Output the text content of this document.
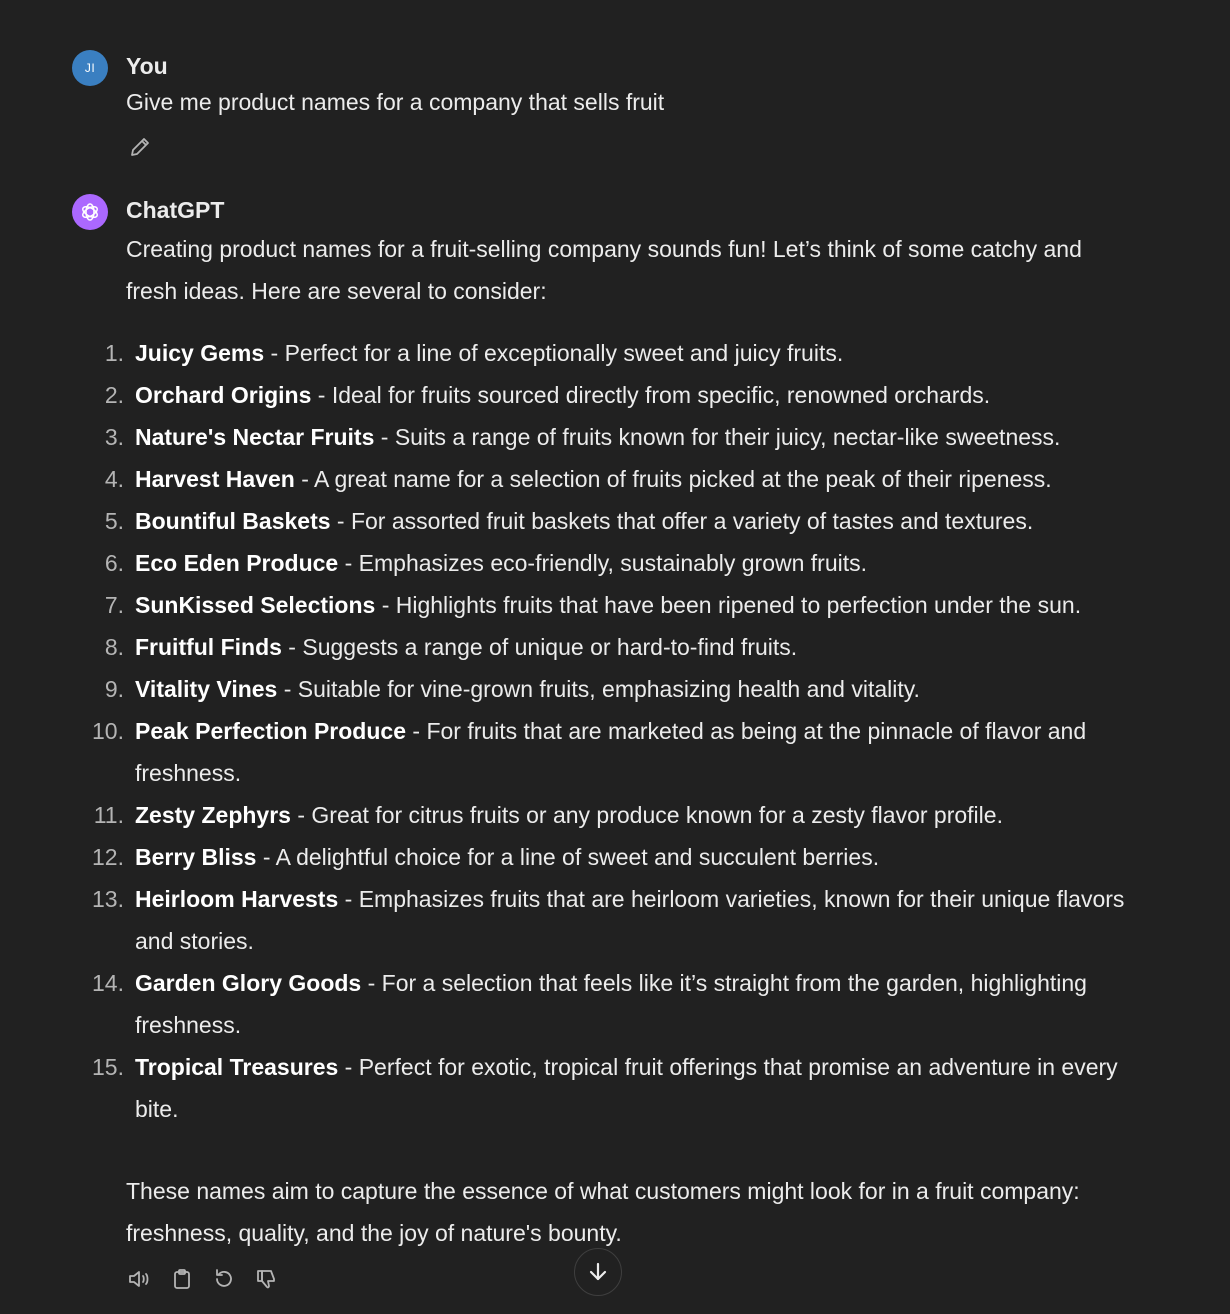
JI You
Give me product names for a company that sells fruit
ChatGPT
Creating product names for a fruit-selling company sounds fun! Let’s think of some catchy and fresh ideas. Here are several to consider:
1. Juicy Gems - Perfect for a line of exceptionally sweet and juicy fruits.
2. Orchard Origins - Ideal for fruits sourced directly from specific, renowned orchards.
3. Nature's Nectar Fruits - Suits a range of fruits known for their juicy, nectar-like sweetness.
4. Harvest Haven - A great name for a selection of fruits picked at the peak of their ripeness.
5. Bountiful Baskets - For assorted fruit baskets that offer a variety of tastes and textures.
6. Eco Eden Produce - Emphasizes eco-friendly, sustainably grown fruits.
7. SunKissed Selections - Highlights fruits that have been ripened to perfection under the sun.
8. Fruitful Finds - Suggests a range of unique or hard-to-find fruits.
9. Vitality Vines - Suitable for vine-grown fruits, emphasizing health and vitality.
10. Peak Perfection Produce - For fruits that are marketed as being at the pinnacle of flavor and freshness.
11. Zesty Zephyrs - Great for citrus fruits or any produce known for a zesty flavor profile.
12. Berry Bliss - A delightful choice for a line of sweet and succulent berries.
13. Heirloom Harvests - Emphasizes fruits that are heirloom varieties, known for their unique flavors and stories.
14. Garden Glory Goods - For a selection that feels like it’s straight from the garden, highlighting freshness.
15. Tropical Treasures - Perfect for exotic, tropical fruit offerings that promise an adventure in every bite.
These names aim to capture the essence of what customers might look for in a fruit company: freshness, quality, and the joy of nature's bounty.
